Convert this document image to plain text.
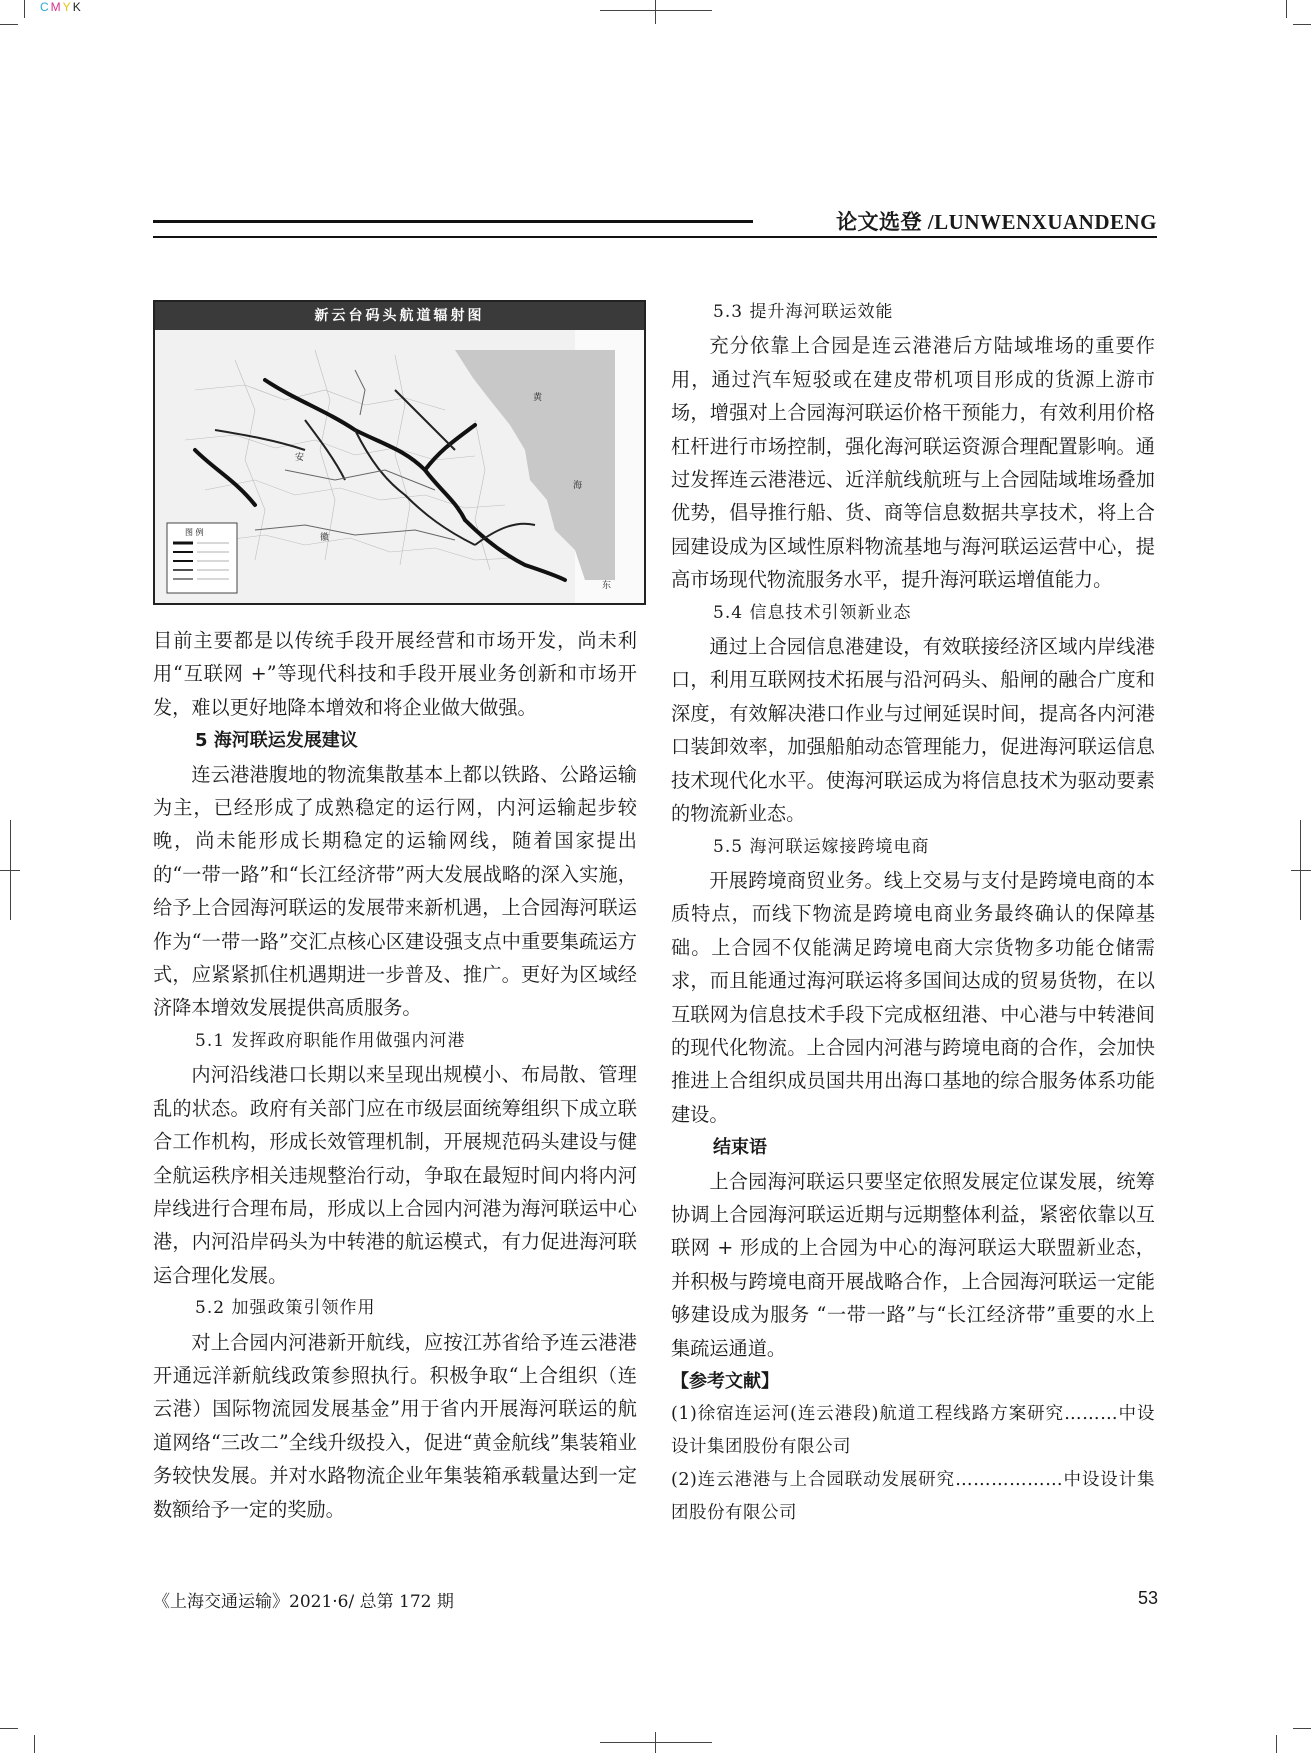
CMYK
论文选登 /LUNWENXUANDENG
新云台码头航道辐射图
图 例
黄
海
东
安
徽
目前主要都是以传统手段开展经营和市场开发，尚未利用“互联网 +”等现代科技和手段开展业务创新和市场开发，难以更好地降本增效和将企业做大做强。
5 海河联运发展建议
连云港港腹地的物流集散基本上都以铁路、公路运输为主，已经形成了成熟稳定的运行网，内河运输起步较晚，尚未能形成长期稳定的运输网线，随着国家提出的“一带一路”和“长江经济带”两大发展战略的深入实施，给予上合园海河联运的发展带来新机遇，上合园海河联运作为“一带一路”交汇点核心区建设强支点中重要集疏运方式，应紧紧抓住机遇期进一步普及、推广。更好为区域经济降本增效发展提供高质服务。
5.1 发挥政府职能作用做强内河港
内河沿线港口长期以来呈现出规模小、布局散、管理乱的状态。政府有关部门应在市级层面统筹组织下成立联合工作机构，形成长效管理机制，开展规范码头建设与健全航运秩序相关违规整治行动，争取在最短时间内将内河岸线进行合理布局，形成以上合园内河港为海河联运中心港，内河沿岸码头为中转港的航运模式，有力促进海河联运合理化发展。
5.2 加强政策引领作用
对上合园内河港新开航线，应按江苏省给予连云港港开通远洋新航线政策参照执行。积极争取“上合组织（连云港）国际物流园发展基金”用于省内开展海河联运的航道网络“三改二”全线升级投入，促进“黄金航线”集装箱业务较快发展。并对水路物流企业年集装箱承载量达到一定数额给予一定的奖励。
5.3 提升海河联运效能
充分依靠上合园是连云港港后方陆域堆场的重要作用，通过汽车短驳或在建皮带机项目形成的货源上游市场，增强对上合园海河联运价格干预能力，有效利用价格杠杆进行市场控制，强化海河联运资源合理配置影响。通过发挥连云港港远、近洋航线航班与上合园陆域堆场叠加优势，倡导推行船、货、商等信息数据共享技术，将上合园建设成为区域性原料物流基地与海河联运运营中心，提高市场现代物流服务水平，提升海河联运增值能力。
5.4 信息技术引领新业态
通过上合园信息港建设，有效联接经济区域内岸线港口，利用互联网技术拓展与沿河码头、船闸的融合广度和深度，有效解决港口作业与过闸延误时间，提高各内河港口装卸效率，加强船舶动态管理能力，促进海河联运信息技术现代化水平。使海河联运成为将信息技术为驱动要素的物流新业态。
5.5 海河联运嫁接跨境电商
开展跨境商贸业务。线上交易与支付是跨境电商的本质特点，而线下物流是跨境电商业务最终确认的保障基础。上合园不仅能满足跨境电商大宗货物多功能仓储需求，而且能通过海河联运将多国间达成的贸易货物，在以互联网为信息技术手段下完成枢纽港、中心港与中转港间的现代化物流。上合园内河港与跨境电商的合作，会加快推进上合组织成员国共用出海口基地的综合服务体系功能建设。
结束语
上合园海河联运只要坚定依照发展定位谋发展，统筹协调上合园海河联运近期与远期整体利益，紧密依靠以互联网 + 形成的上合园为中心的海河联运大联盟新业态，并积极与跨境电商开展战略合作，上合园海河联运一定能够建设成为服务 “一带一路”与“长江经济带”重要的水上集疏运通道。
【参考文献】
(1)徐宿连运河(连云港段)航道工程线路方案研究………中设设计集团股份有限公司
(2)连云港港与上合园联动发展研究………………中设设计集团股份有限公司
《上海交通运输》2021·6/ 总第 172 期	53
